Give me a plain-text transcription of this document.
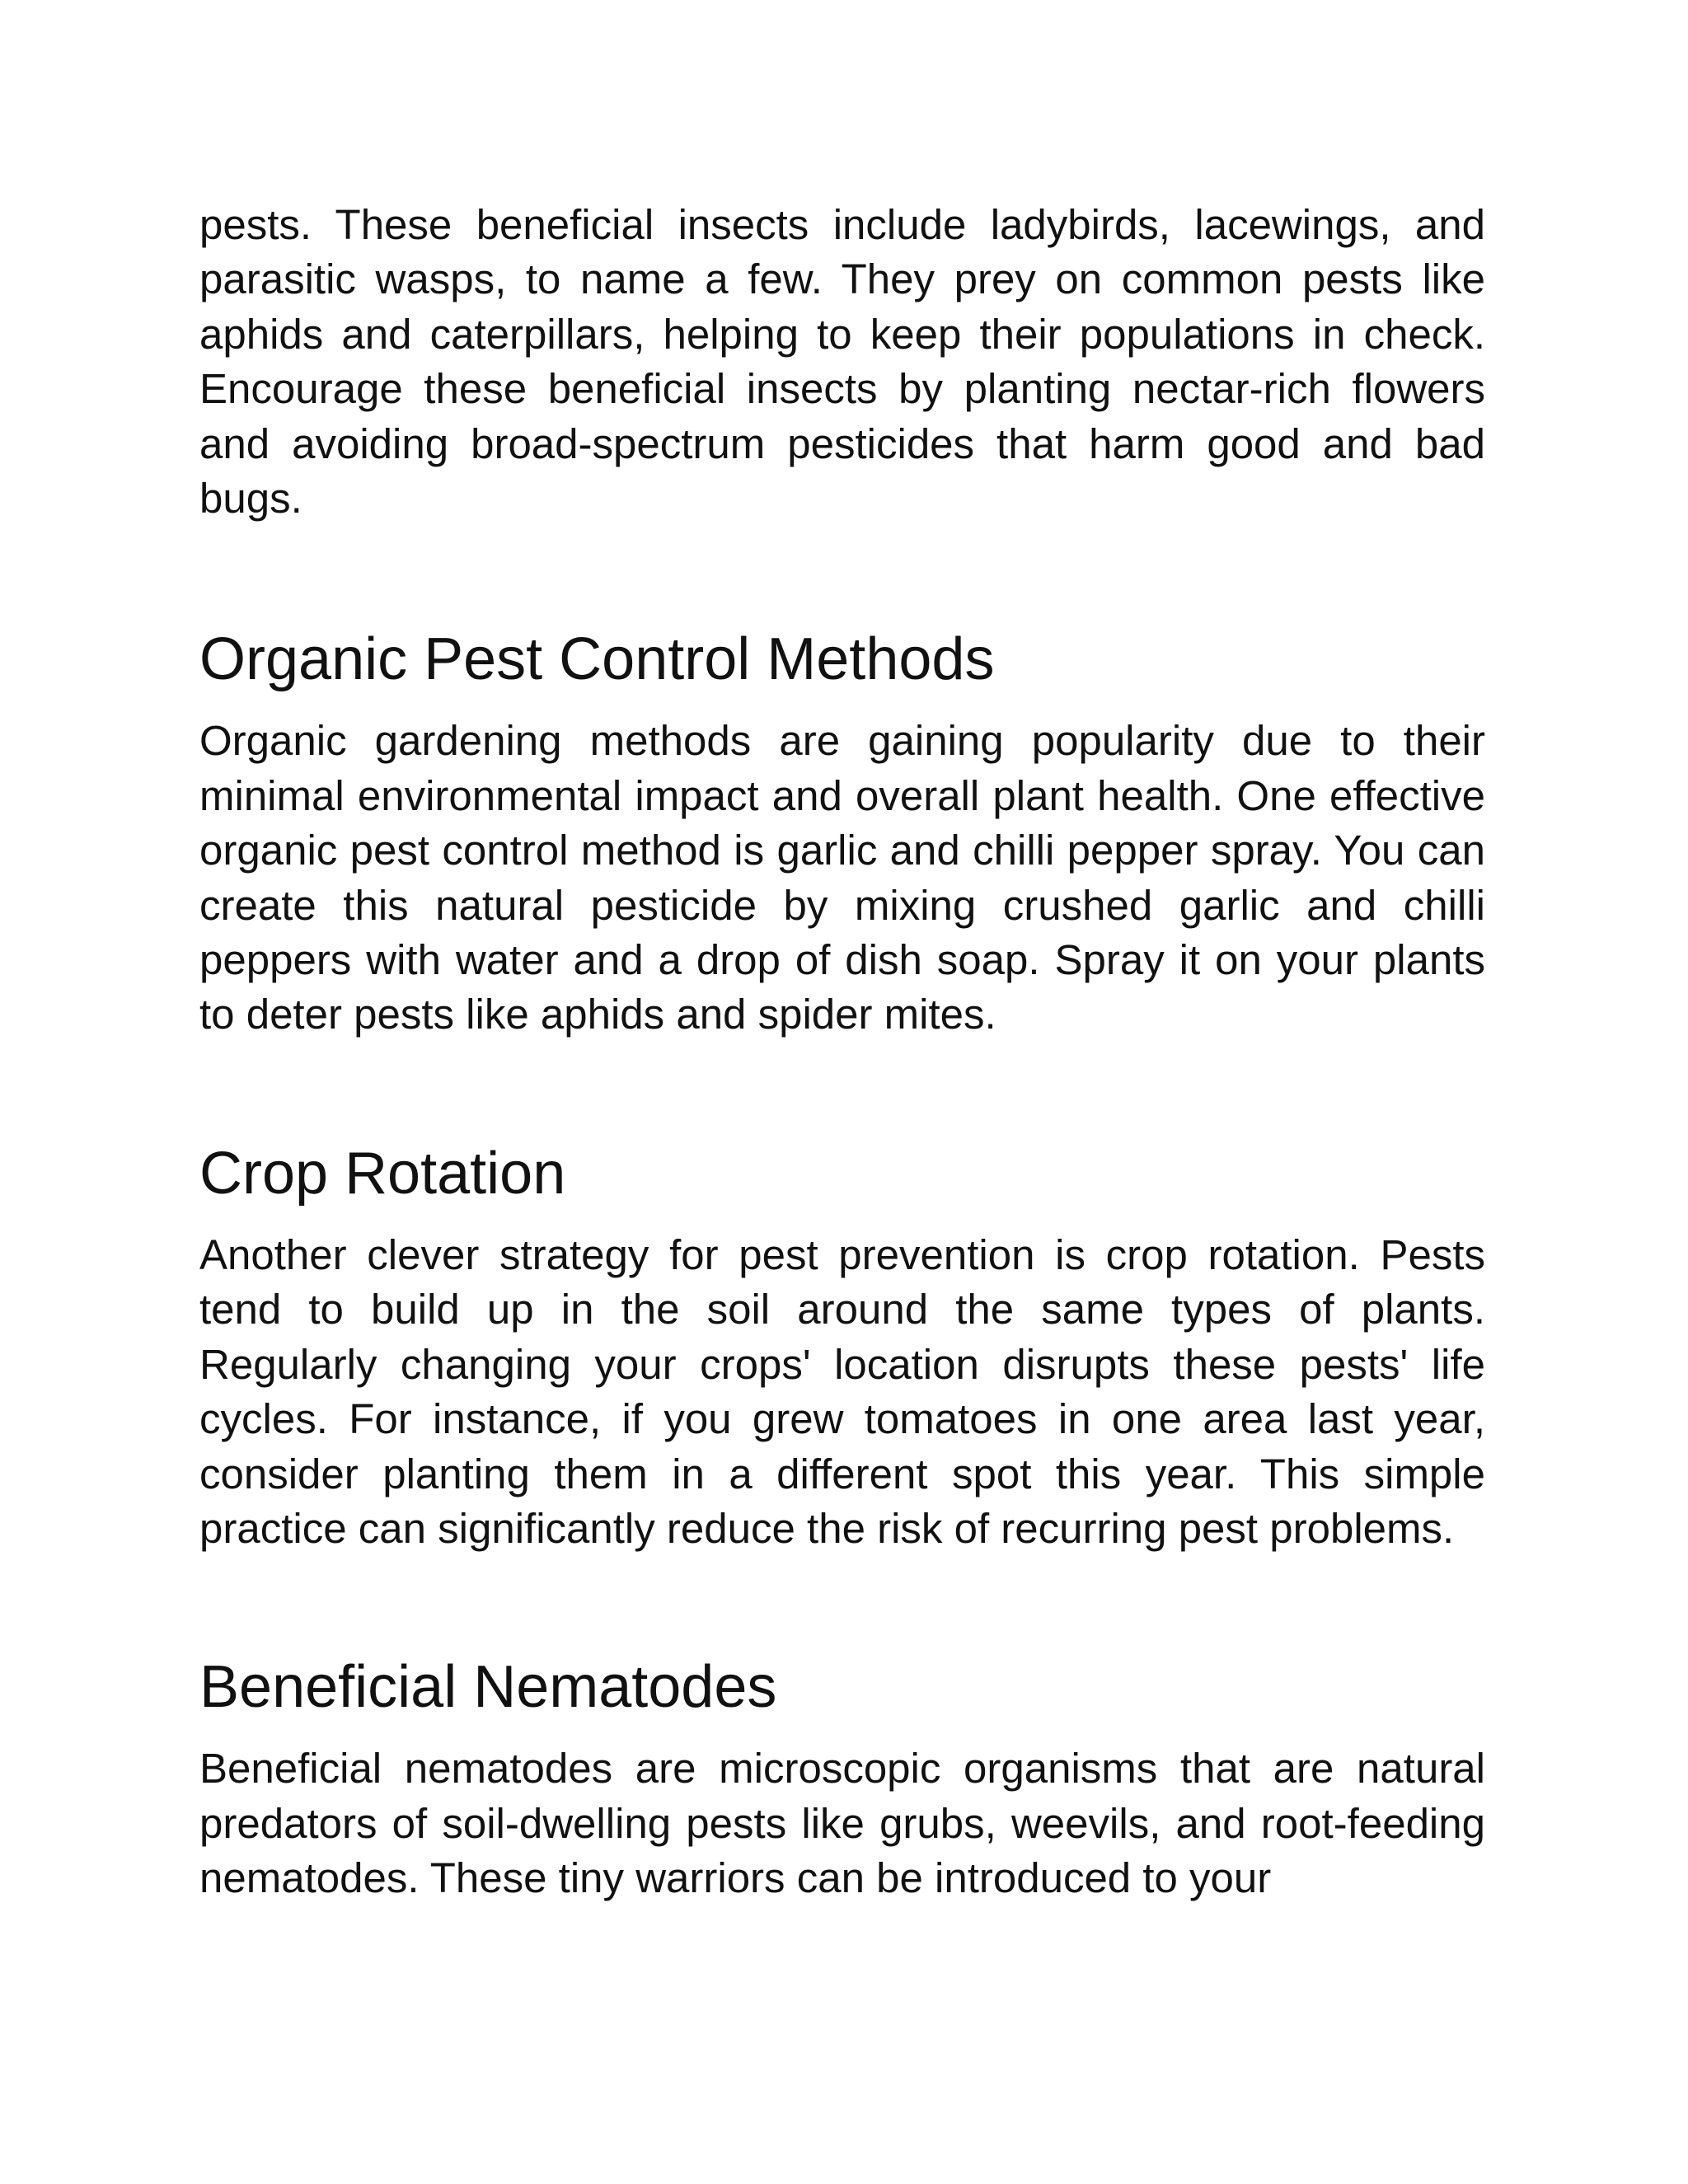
pests. These beneficial insects include ladybirds, lacewings, and parasitic wasps, to name a few. They prey on common pests like aphids and caterpillars, helping to keep their populations in check. Encourage these beneficial insects by planting nectar-rich flowers and avoiding broad-spectrum pesticides that harm good and bad bugs.

Organic Pest Control Methods

Organic gardening methods are gaining popularity due to their minimal environmental impact and overall plant health. One effective organic pest control method is garlic and chilli pepper spray. You can create this natural pesticide by mixing crushed garlic and chilli peppers with water and a drop of dish soap. Spray it on your plants to deter pests like aphids and spider mites.

Crop Rotation

Another clever strategy for pest prevention is crop rotation. Pests tend to build up in the soil around the same types of plants. Regularly changing your crops' location disrupts these pests' life cycles. For instance, if you grew tomatoes in one area last year, consider planting them in a different spot this year. This simple practice can significantly reduce the risk of recurring pest problems.

Beneficial Nematodes

Beneficial nematodes are microscopic organisms that are natural predators of soil-dwelling pests like grubs, weevils, and root-feeding nematodes. These tiny warriors can be introduced to your
